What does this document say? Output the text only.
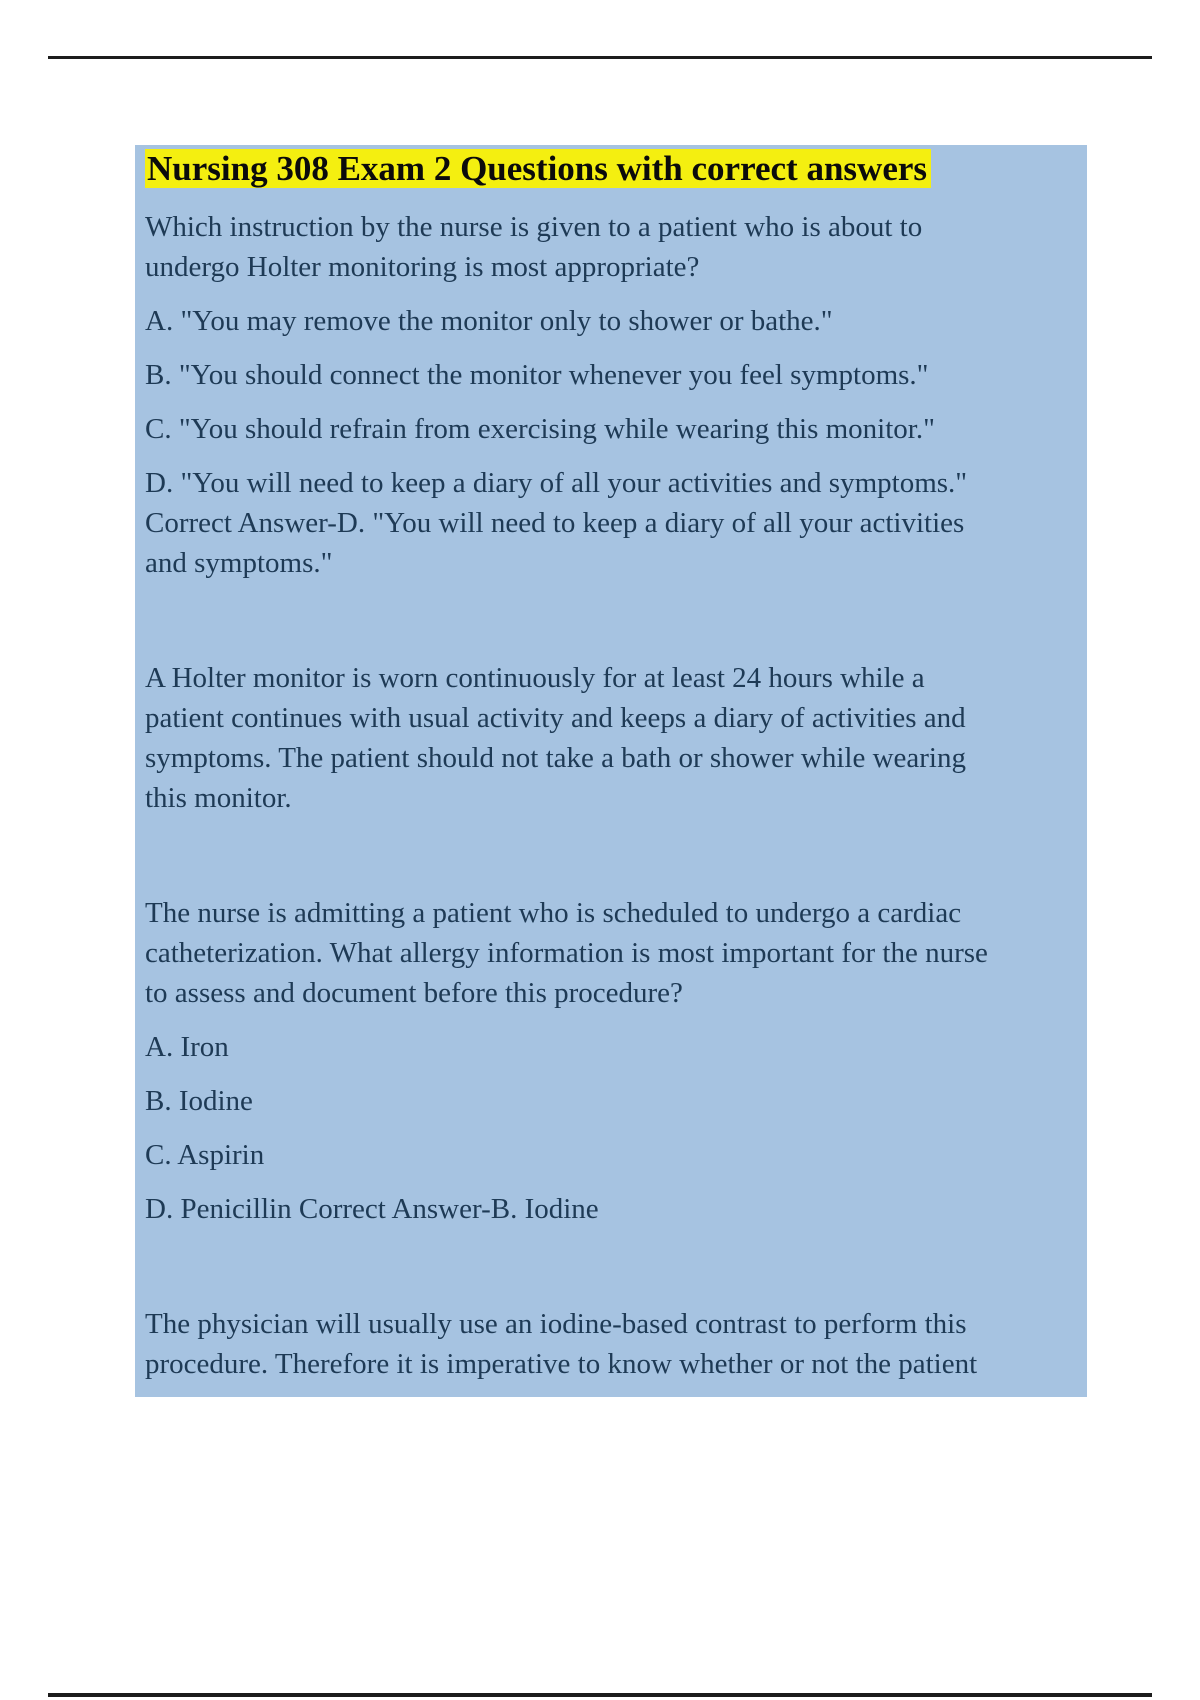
Nursing 308 Exam 2 Questions with correct answers

Which instruction by the nurse is given to a patient who is about to undergo Holter monitoring is most appropriate?

A. "You may remove the monitor only to shower or bathe."

B. "You should connect the monitor whenever you feel symptoms."

C. "You should refrain from exercising while wearing this monitor."

D. "You will need to keep a diary of all your activities and symptoms." Correct Answer-D. "You will need to keep a diary of all your activities and symptoms."

A Holter monitor is worn continuously for at least 24 hours while a patient continues with usual activity and keeps a diary of activities and symptoms. The patient should not take a bath or shower while wearing this monitor.

The nurse is admitting a patient who is scheduled to undergo a cardiac catheterization. What allergy information is most important for the nurse to assess and document before this procedure?

A. Iron

B. Iodine

C. Aspirin

D. Penicillin Correct Answer-B. Iodine

The physician will usually use an iodine-based contrast to perform this procedure. Therefore it is imperative to know whether or not the patient
